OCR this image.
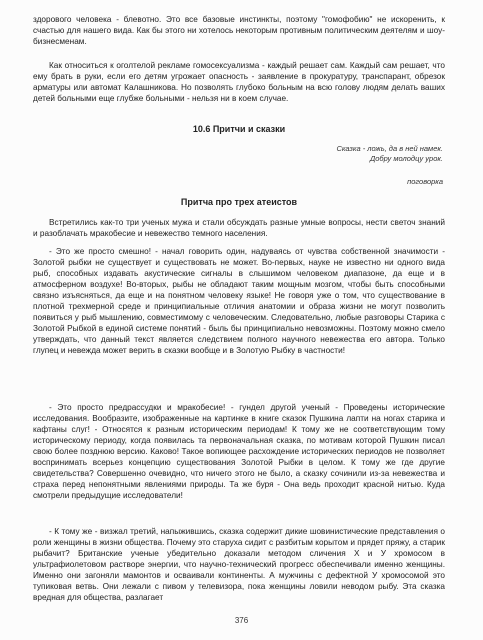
здорового человека - блевотно. Это все базовые инстинкты, поэтому "гомофобию" не искоренить, к счастью для нашего вида. Как бы этого ни хотелось некоторым противным политическим деятелям и шоу-бизнесменам.

Как относиться к оголтелой рекламе гомосексуализма - каждый решает сам. Каждый сам решает, что ему брать в руки, если его детям угрожает опасность - заявление в прокуратуру, транспарант, обрезок арматуры или автомат Калашникова. Но позволять глубоко больным на всю голову людям делать ваших детей больными еще глубже больными - нельзя ни в коем случае.

10.6 Притчи и сказки
Сказка - ложь, да в ней намек.
Добру молодцу урок.
поговорка
Притча про трех атеистов

Встретились как-то три ученых мужа и стали обсуждать разные умные вопросы, нести светоч знаний и разоблачать мракобесие и невежество темного населения.

- Это же просто смешно! - начал говорить один, надуваясь от чувства собственной значимости - Золотой рыбки не существует и существовать не может. Во-первых, науке не известно ни одного вида рыб, способных издавать акустические сигналы в слышимом человеком диапазоне, да еще и в атмосферном воздухе! Во-вторых, рыбы не обладают таким мощным мозгом, чтобы быть способными связно изъясняться, да еще и на понятном человеку языке! Не говоря уже о том, что существование в плотной трехмерной среде и принципиальные отличия анатомии и образа жизни не могут позволить появиться у рыб мышлению, совместимому с человеческим. Следовательно, любые разговоры Старика с Золотой Рыбкой в единой системе понятий - быль бы принципиально невозможны. Поэтому можно смело утверждать, что данный текст является следствием полного научного невежества его автора. Только глупец и невежда может верить в сказки вообще и в Золотую Рыбку в частности!

- Это просто предрассудки и мракобесие! - гундел другой ученый - Проведены исторические исследования. Вообразите, изображенные на картинке в книге сказок Пушкина лапти на ногах старика и кафтаны слуг! - Относятся к разным историческим периодам! К тому же не соответствующим тому историческому периоду, когда появилась та первоначальная сказка, по мотивам которой Пушкин писал свою более позднюю версию. Каково! Такое вопиющее расхождение исторических периодов не позволяет воспринимать всерьез концепцию существования Золотой Рыбки в целом. К тому же где другие свидетельства? Совершенно очевидно, что ничего этого не было, а сказку сочинили из-за невежества и страха перед непонятными явлениями природы. Та же буря - Она ведь проходит красной нитью. Куда смотрели предыдущие исследователи!

- К тому же - визжал третий, напыжившись, сказка содержит дикие шовинистические представления о роли женщины в жизни общества. Почему это старуха сидит с разбитым корытом и прядет пряжу, а старик рыбачит? Британские ученые убедительно доказали методом сличения Х и У хромосом в ультрафиолетовом растворе энергии, что научно-технический прогресс обеспечивали именно женщины. Именно они загоняли мамонтов и осваивали континенты. А мужчины с дефектной У хромосомой это тупиковая ветвь. Они лежали с пивом у телевизора, пока женщины ловили неводом рыбу. Эта сказка вредная для общества, разлагает

376
